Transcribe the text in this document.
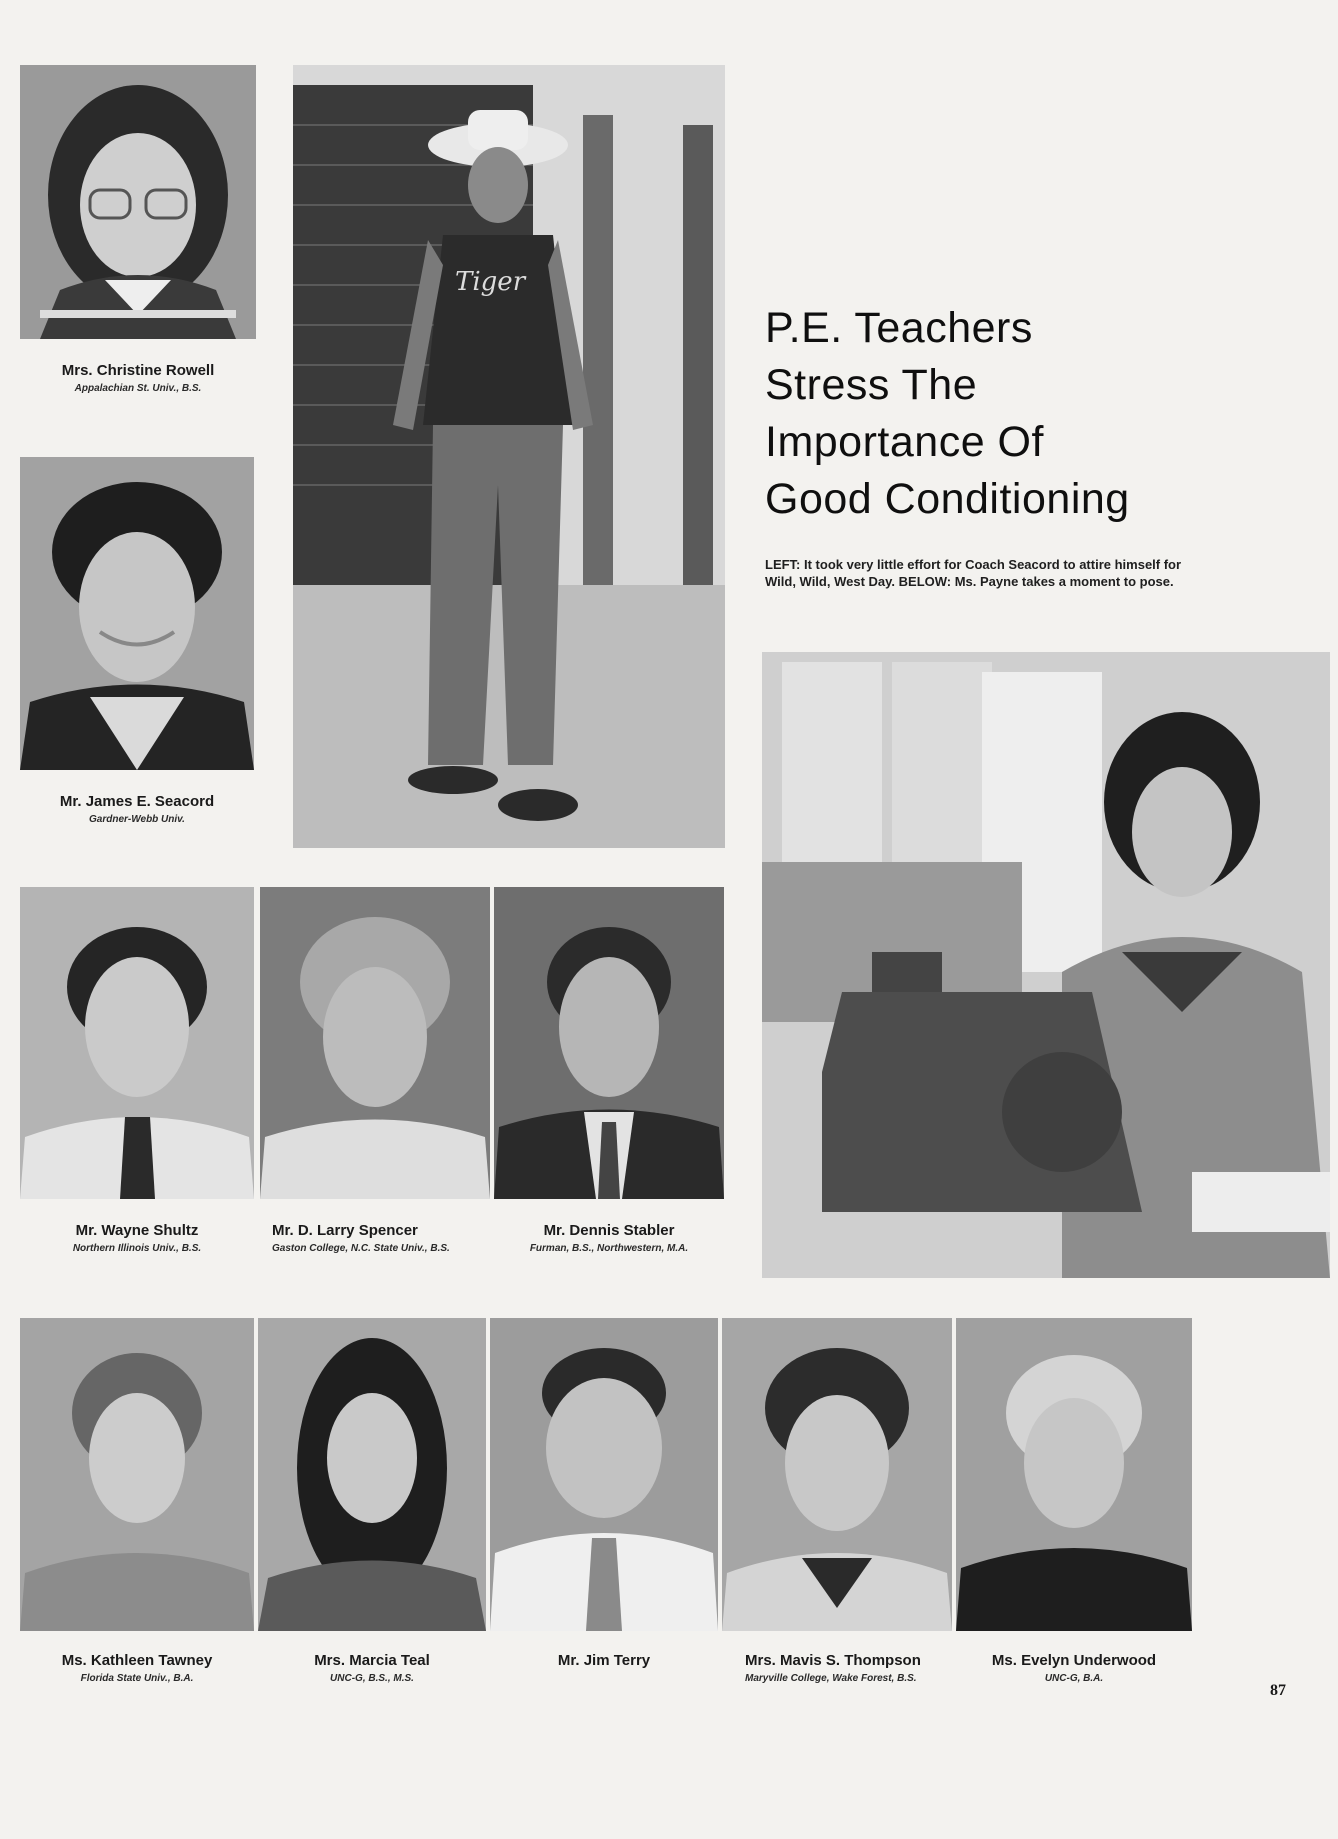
Mrs. Christine Rowell
Appalachian St. Univ., B.S.
Mr. James E. Seacord
Gardner-Webb Univ.
Tiger
P.E. Teachers
Stress The
Importance Of
Good Conditioning
LEFT: It took very little effort for Coach Seacord to attire himself for Wild, Wild, West Day. BELOW: Ms. Payne takes a moment to pose.
Mr. Wayne Shultz
Northern Illinois Univ., B.S.
Mr. D. Larry Spencer
Gaston College, N.C. State Univ., B.S.
Mr. Dennis Stabler
Furman, B.S., Northwestern, M.A.
Ms. Kathleen Tawney
Florida State Univ., B.A.
Mrs. Marcia Teal
UNC-G, B.S., M.S.
Mr. Jim Terry	Mrs. Mavis S. Thompson
Maryville College, Wake Forest, B.S.
Ms. Evelyn Underwood
UNC-G, B.A.
87
